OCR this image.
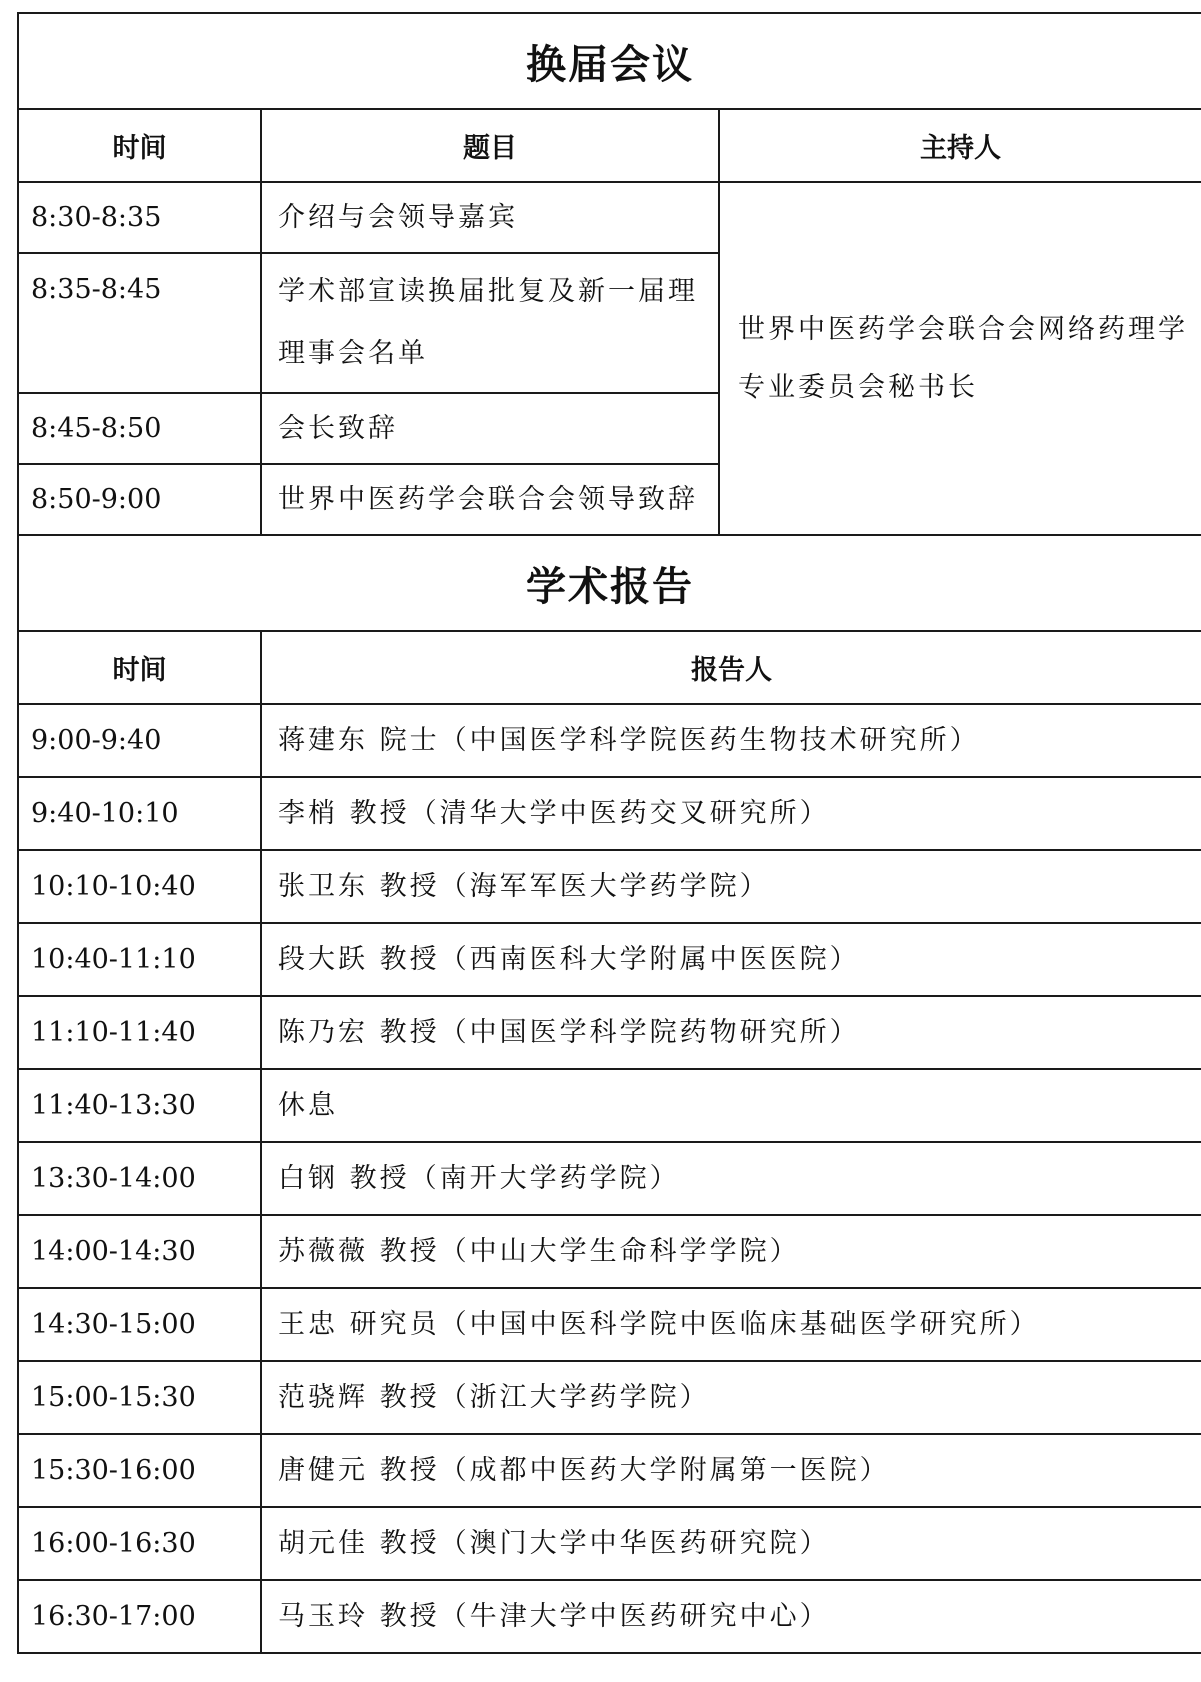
换届会议		
时间	题目	主持人
8:30-8:35	介绍与会领导嘉宾	世界中医药学会联合会网络药理学专业委员会秘书长
8:35-8:45	学术部宣读换届批复及新一届理理事会名单	
8:45-8:50	会长致辞	
8:50-9:00	世界中医药学会联合会领导致辞	
学术报告		
时间	报告人	
9:00-9:40	蒋建东 院士（中国医学科学院医药生物技术研究所）	
9:40-10:10	李梢 教授（清华大学中医药交叉研究所）	
10:10-10:40	张卫东 教授（海军军医大学药学院）	
10:40-11:10	段大跃 教授（西南医科大学附属中医医院）	
11:10-11:40	陈乃宏 教授（中国医学科学院药物研究所）	
11:40-13:30	休息	
13:30-14:00	白钢 教授（南开大学药学院）	
14:00-14:30	苏薇薇 教授（中山大学生命科学学院）	
14:30-15:00	王忠 研究员（中国中医科学院中医临床基础医学研究所）	
15:00-15:30	范骁辉 教授（浙江大学药学院）	
15:30-16:00	唐健元 教授（成都中医药大学附属第一医院）	
16:00-16:30	胡元佳 教授（澳门大学中华医药研究院）	
16:30-17:00	马玉玲 教授（牛津大学中医药研究中心）	
